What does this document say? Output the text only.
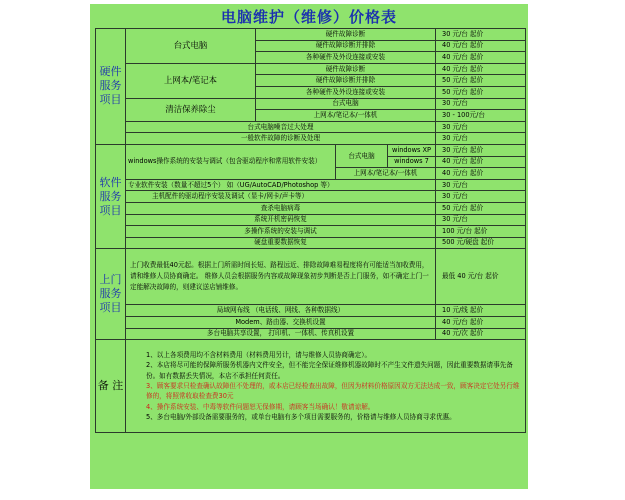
电脑维护（维修）价格表
硬件服务项目	台式电脑	硬件故障诊断			30 元/台 起价
		硬件故障诊断并排除			40 元/台 起价
		各种硬件及外设连接或安装			40 元/台 起价
	上网本/笔记本	硬件故障诊断			40 元/台 起价
		硬件故障诊断并排除			50 元/台 起价
		各种硬件及外设连接或安装			50 元/台 起价
	清洁保养除尘	台式电脑			30 元/台
		上网本/笔记本/一体机			30 - 100元/台
	台式电脑噪音过大处理				30 元/台
	一般软件故障的诊断及处理				30 元/台
软件服务项目	windows操作系统的安装与调试（包含驱动程序和常用软件安装）		台式电脑	windows XP	30 元/台 起价
				windows 7	40 元/台 起价
			上网本/笔记本/一体机		40 元/台 起价
	专业软件安装（数量不超过5个） 如（UG/AutoCAD/Photoshop 等）				30 元/台
	主机配件的驱动程序安装及调试（显卡/网卡/声卡等）				30 元/台
	查杀电脑病毒				50 元/台 起价
	系统开机密码恢复				30 元/台
	多操作系统的安装与调试				100 元/台 起价
	硬盘重要数据恢复				500 元/硬盘 起价
上门服务项目	上门收费最低40元起。根据上门所需时间长短、路程远近、排除故障难易程度将有可能适当加收费用，请和维修人员协商确定。 维修人员会根据服务内容或故障现象初步判断是否上门服务，如不确定上门一定能解决故障的，则建议送店铺维修。				最低 40 元/台 起价
	局域网布线 （电话线、网线、各种数据线）				10 元/线 起价
	Modem、路由器、交换机设置				40 元/台 起价
	多台电脑共享设置， 打印机、一体机、传真机设置				40 元/次 起价
备 注	1、以上各项费用均不含材料费用（材料费用另计，请与维修人员协商确定）。
2、本店将尽可能的保障所服务机器内文件安全，但不能完全保证维修机器故障时不产生文件遗失问题，因此重要数据请事先备份。如有数据丢失情况，本店不承担任何责任。
3、顾客要求只检查确认故障但不处理的，或本店已经检查出故障，但因为材料价格原因双方无法达成一致，顾客决定它处另行维修的，将照常收取检查费30元
4、操作系统安装、中毒等软件问题恕无保修期，请顾客当场确认！敬请谅解。
5、多台电脑/外部设备需要服务的，或单台电脑有多个项目需要服务的，价格请与维修人员协商寻求优惠。				
